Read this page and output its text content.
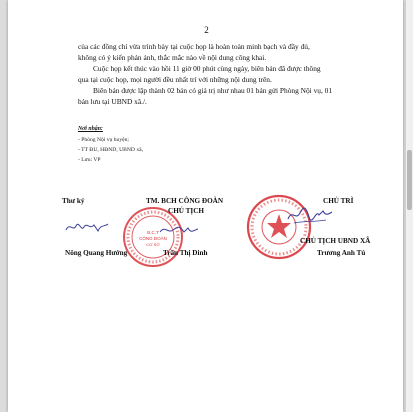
2
của các đồng chí vừa trình bày tại cuộc họp là hoàn toàn minh bạch và đầy đủ,
không có ý kiến phản ánh, thắc mắc nào về nội dung công khai.
Cuộc họp kết thúc vào hồi 11 giờ 00 phút cùng ngày, biên bản đã được thông
qua tại cuộc họp, mọi người đều nhất trí với những nội dung trên.
Biên bản được lập thành 02 bản có giá trị như nhau 01 bản gửi Phòng Nội vụ, 01
bản lưu tại UBND xã./.
Nơi nhận:
- Phòng Nội vụ huyện;
- TT ĐU, HĐND, UBND xã,
- Lưu: VP
B.C.T
CÔNG ĐOÀN
CƠ SỞ
Thư ký
Nông Quang Hưởng
TM. BCH CÔNG ĐOÀN
CHỦ TỊCH
Trần Thị Dinh
CHỦ TRÌ
CHỦ TỊCH UBND XÃ
Trương Anh Tú
